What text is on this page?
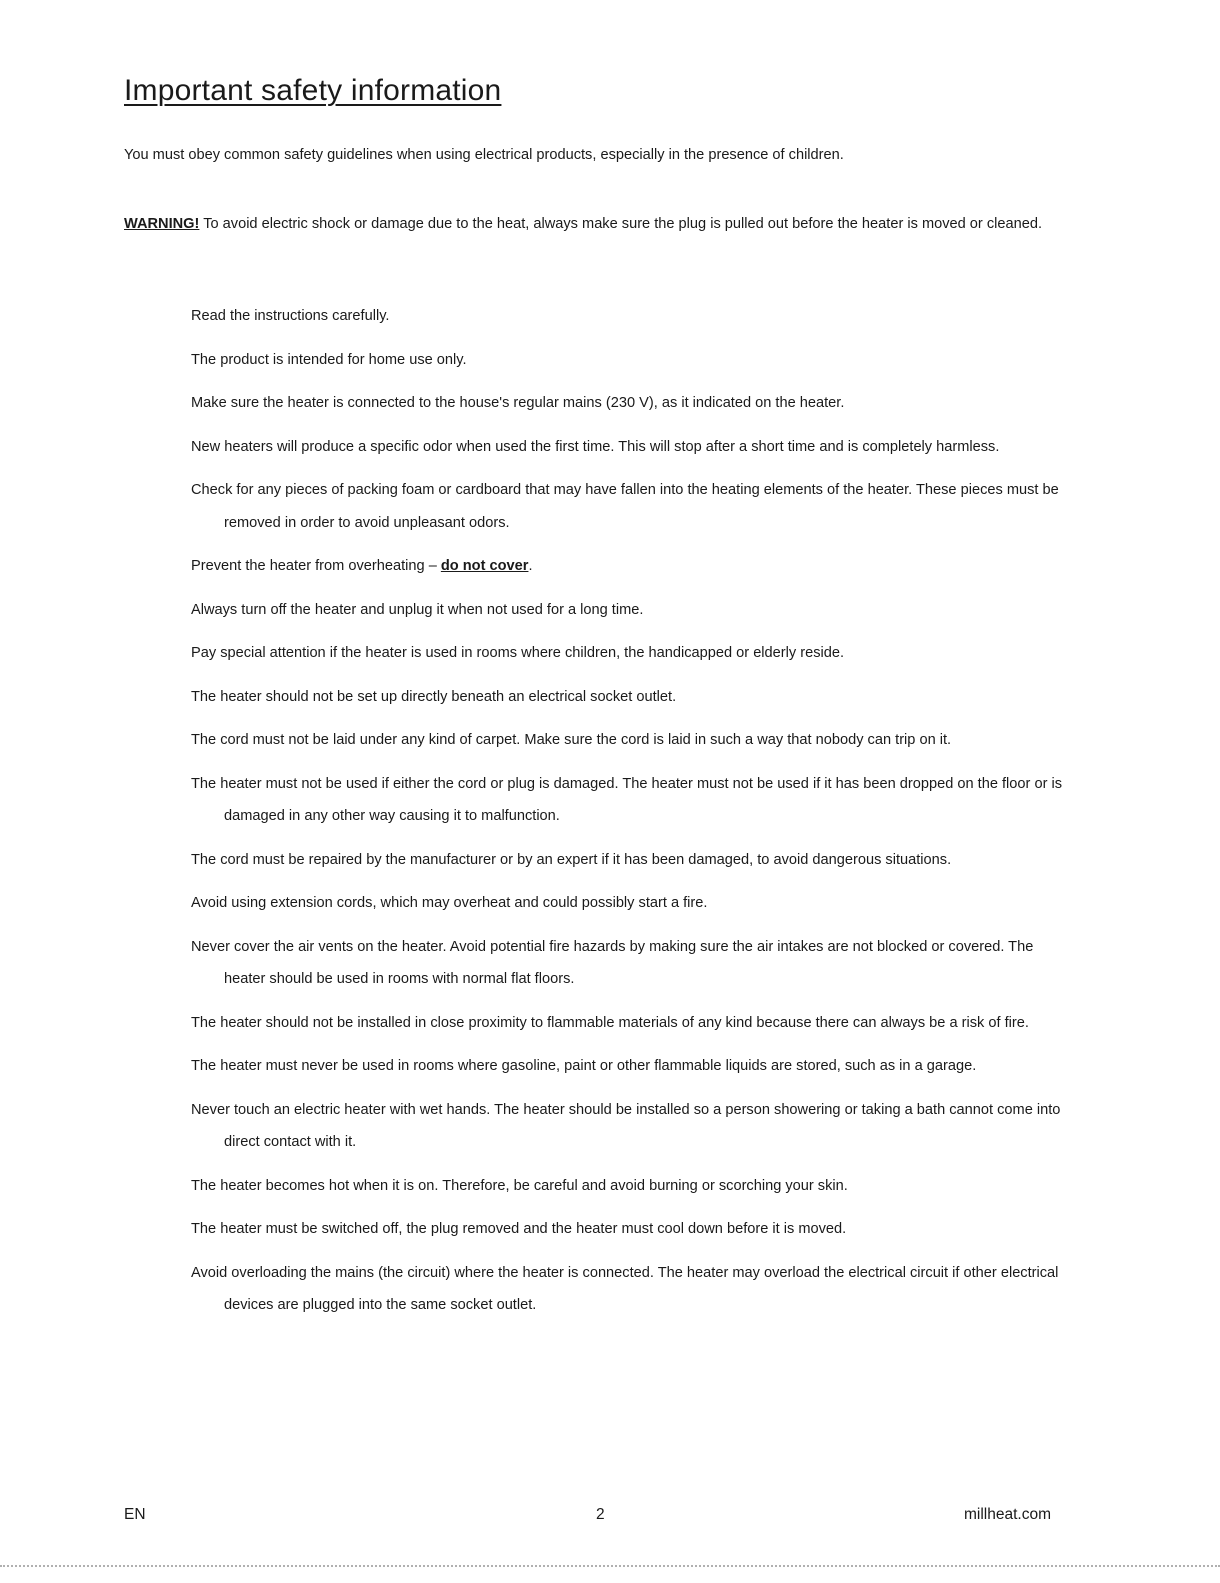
Important safety information

You must obey common safety guidelines when using electrical products, especially in the presence of children.

WARNING! To avoid electric shock or damage due to the heat, always make sure the plug is pulled out before the heater is moved or cleaned.

Read the instructions carefully.
The product is intended for home use only.
Make sure the heater is connected to the house's regular mains (230 V), as it indicated on the heater.
New heaters will produce a specific odor when used the first time. This will stop after a short time and is completely harmless.
Check for any pieces of packing foam or cardboard that may have fallen into the heating elements of the heater. These pieces must be removed in order to avoid unpleasant odors.
Prevent the heater from overheating – do not cover.
Always turn off the heater and unplug it when not used for a long time.
Pay special attention if the heater is used in rooms where children, the handicapped or elderly reside.
The heater should not be set up directly beneath an electrical socket outlet.
The cord must not be laid under any kind of carpet. Make sure the cord is laid in such a way that nobody can trip on it.
The heater must not be used if either the cord or plug is damaged. The heater must not be used if it has been dropped on the floor or is damaged in any other way causing it to malfunction.
The cord must be repaired by the manufacturer or by an expert if it has been damaged, to avoid dangerous situations.
Avoid using extension cords, which may overheat and could possibly start a fire.
Never cover the air vents on the heater. Avoid potential fire hazards by making sure the air intakes are not blocked or covered. The heater should be used in rooms with normal flat floors.
The heater should not be installed in close proximity to flammable materials of any kind because there can always be a risk of fire.
The heater must never be used in rooms where gasoline, paint or other flammable liquids are stored, such as in a garage.
Never touch an electric heater with wet hands. The heater should be installed so a person showering or taking a bath cannot come into direct contact with it.
The heater becomes hot when it is on. Therefore, be careful and avoid burning or scorching your skin.
The heater must be switched off, the plug removed and the heater must cool down before it is moved.
Avoid overloading the mains (the circuit) where the heater is connected. The heater may overload the electrical circuit if other electrical devices are plugged into the same socket outlet.

EN	2	millheat.com
